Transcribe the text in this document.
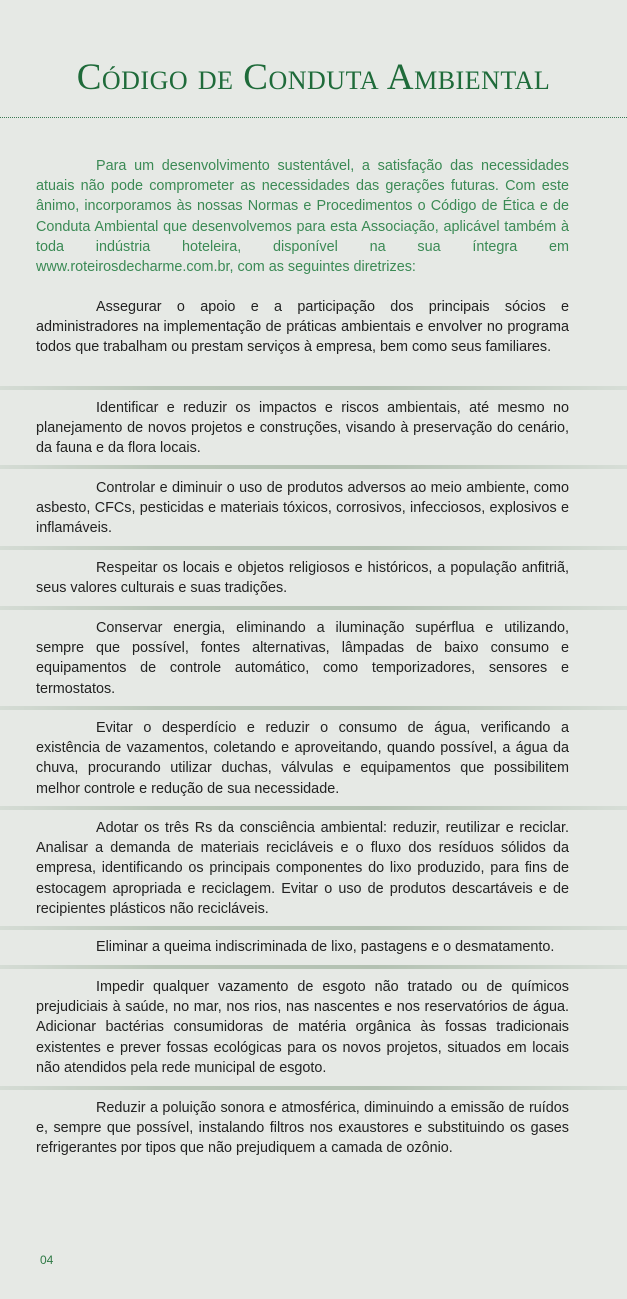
Código de Conduta Ambiental

Para um desenvolvimento sustentável, a satisfação das necessidades atuais não pode comprometer as necessidades das gerações futuras. Com este ânimo, incorporamos às nossas Normas e Procedimentos o Código de Ética e de Conduta Ambiental que desenvolvemos para esta Associação, aplicável também à toda indústria hoteleira, disponível na sua íntegra em www.roteirosdecharme.com.br, com as seguintes diretrizes:

Assegurar o apoio e a participação dos principais sócios e administradores na implementação de práticas ambientais e envolver no programa todos que trabalham ou prestam serviços à empresa, bem como seus familiares.

Identificar e reduzir os impactos e riscos ambientais, até mesmo no planejamento de novos projetos e construções, visando à preservação do cenário, da fauna e da flora locais.

Controlar e diminuir o uso de produtos adversos ao meio ambiente, como asbesto, CFCs, pesticidas e materiais tóxicos, corrosivos, infecciosos, explosivos e inflamáveis.

Respeitar os locais e objetos religiosos e históricos, a população anfitriã, seus valores culturais e suas tradições.

Conservar energia, eliminando a iluminação supérflua e utilizando, sempre que possível, fontes alternativas, lâmpadas de baixo consumo e equipamentos de controle automático, como temporizadores, sensores e termostatos.

Evitar o desperdício e reduzir o consumo de água, verificando a existência de vazamentos, coletando e aproveitando, quando possível, a água da chuva, procurando utilizar duchas, válvulas e equipamentos que possibilitem melhor controle e redução de sua necessidade.

Adotar os três Rs da consciência ambiental: reduzir, reutilizar e reciclar. Analisar a demanda de materiais recicláveis e o fluxo dos resíduos sólidos da empresa, identificando os principais componentes do lixo produzido, para fins de estocagem apropriada e reciclagem. Evitar o uso de produtos descartáveis e de recipientes plásticos não recicláveis.

Eliminar a queima indiscriminada de lixo, pastagens e o desmatamento.

Impedir qualquer vazamento de esgoto não tratado ou de químicos prejudiciais à saúde, no mar, nos rios, nas nascentes e nos reservatórios de água. Adicionar bactérias consumidoras de matéria orgânica às fossas tradicionais existentes e prever fossas ecológicas para os novos projetos, situados em locais não atendidos pela rede municipal de esgoto.

Reduzir a poluição sonora e atmosférica, diminuindo a emissão de ruídos e, sempre que possível, instalando filtros nos exaustores e substituindo os gases refrigerantes por tipos que não prejudiquem a camada de ozônio.

04
